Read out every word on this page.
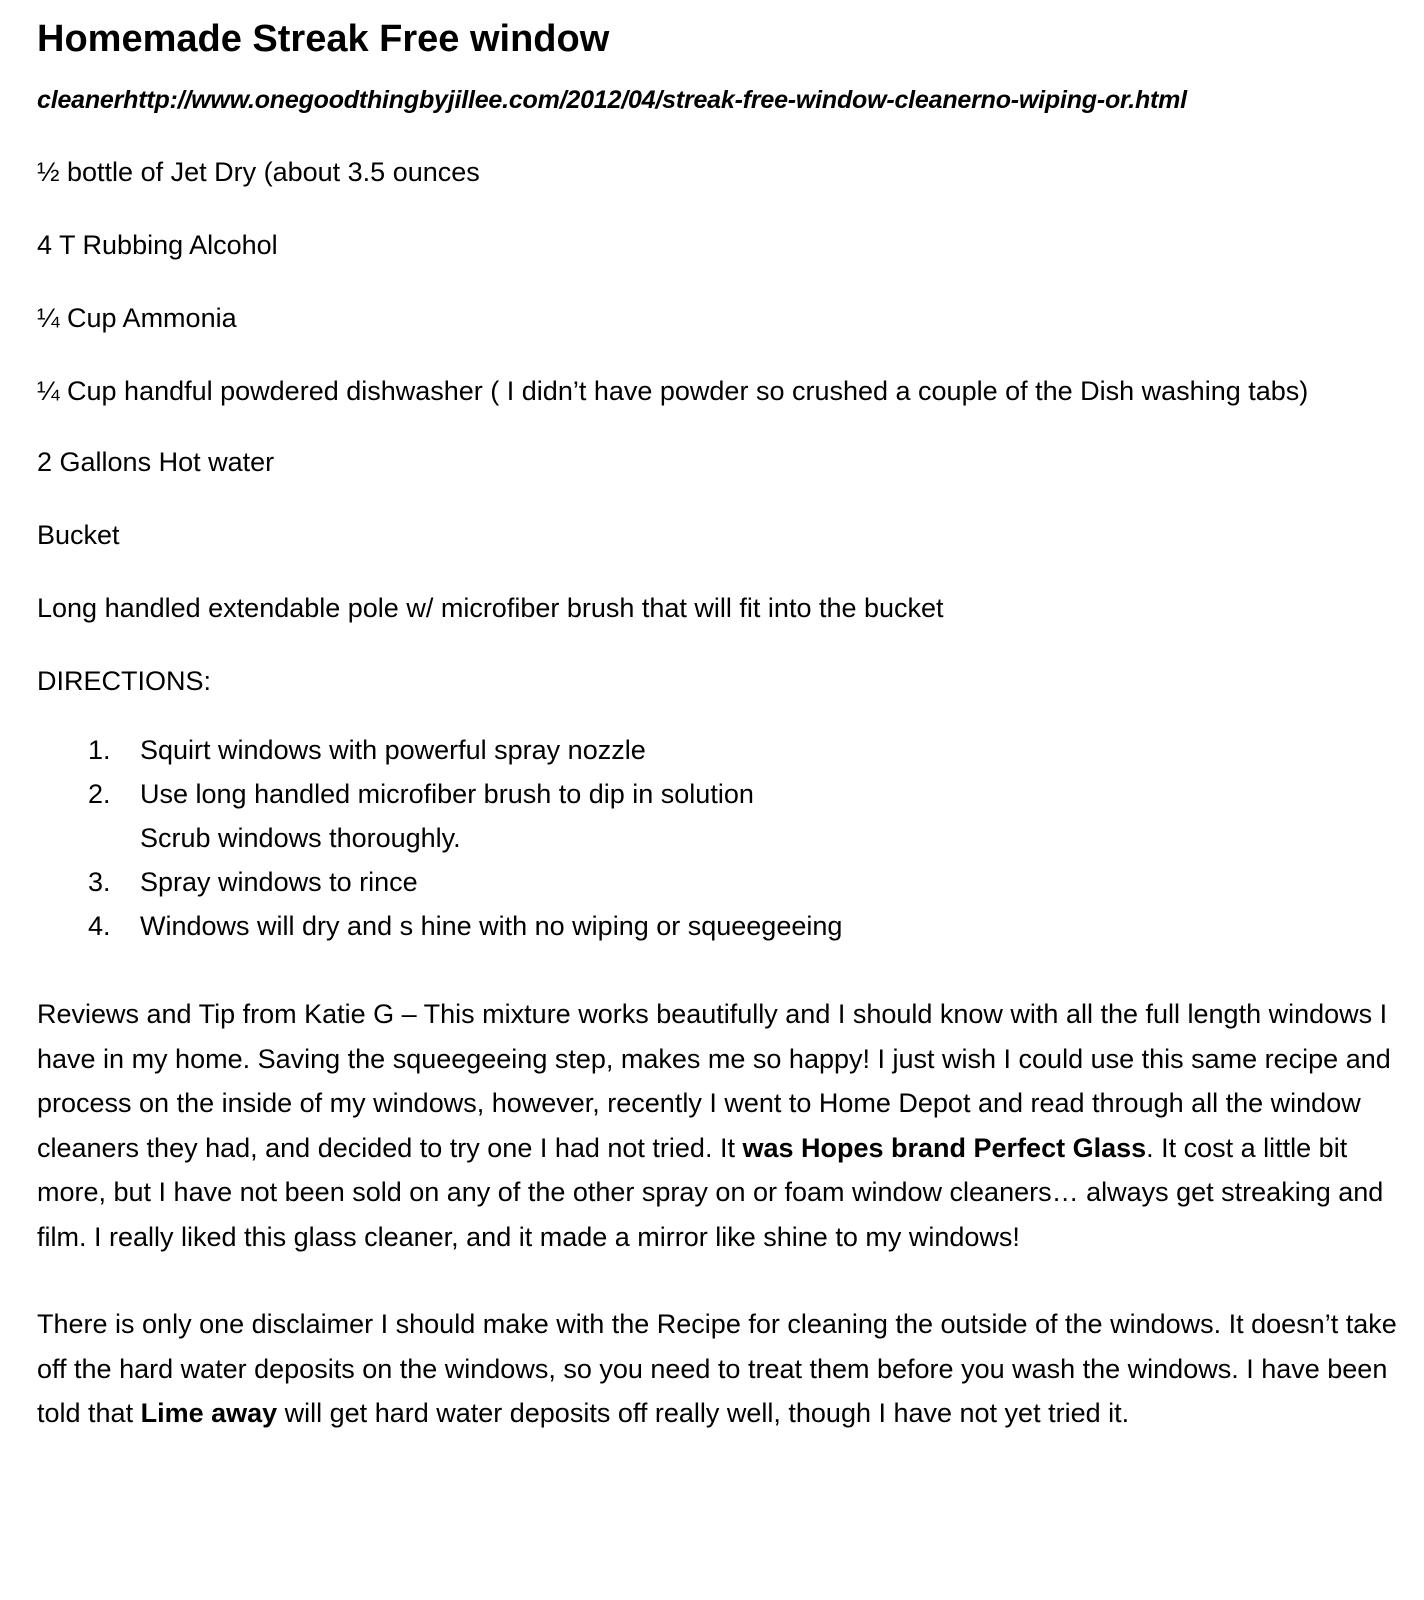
Homemade Streak Free window
cleanerhttp://www.onegoodthingbyjillee.com/2012/04/streak-free-window-cleanerno-wiping-or.html
½ bottle of Jet Dry (about 3.5 ounces
4 T Rubbing Alcohol
¼ Cup Ammonia
¼ Cup handful powdered dishwasher ( I didn’t have powder so crushed a couple of the Dish washing tabs)
2 Gallons Hot water
Bucket
Long handled extendable pole w/ microfiber brush that will fit into the bucket
DIRECTIONS:
1. Squirt windows with powerful spray nozzle
2. Use long handled microfiber brush to dip in solution
Scrub windows thoroughly.
3. Spray windows to rince
4. Windows will dry and s hine with no wiping or squeegeeing

Reviews and Tip from Katie G – This mixture works beautifully and I should know with all the full length windows I have in my home. Saving the squeegeeing step, makes me so happy! I just wish I could use this same recipe and process on the inside of my windows, however, recently I went to Home Depot and read through all the window cleaners they had, and decided to try one I had not tried. It was Hopes brand Perfect Glass. It cost a little bit more, but I have not been sold on any of the other spray on or foam window cleaners… always get streaking and film. I really liked this glass cleaner, and it made a mirror like shine to my windows!

There is only one disclaimer I should make with the Recipe for cleaning the outside of the windows. It doesn’t take off the hard water deposits on the windows, so you need to treat them before you wash the windows. I have been told that Lime away will get hard water deposits off really well, though I have not yet tried it.
